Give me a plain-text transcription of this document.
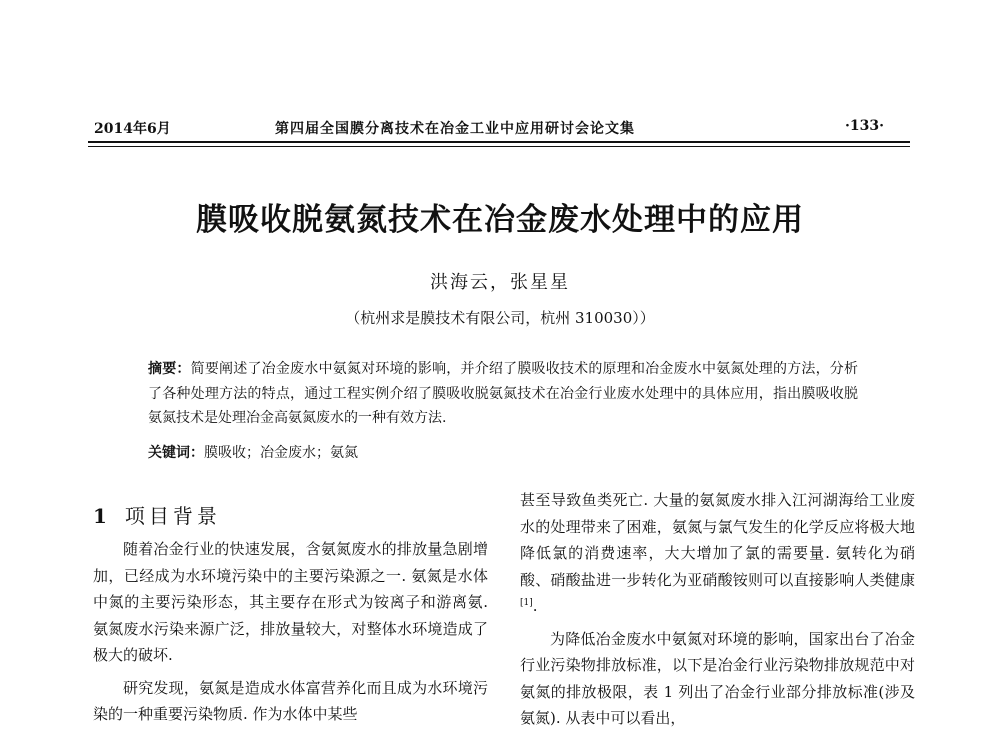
2014年6月	第四届全国膜分离技术在冶金工业中应用研讨会论文集	·133·
膜吸收脱氨氮技术在冶金废水处理中的应用
洪海云，张星星
（杭州求是膜技术有限公司，杭州 310030））
摘要：简要阐述了冶金废水中氨氮对环境的影响，并介绍了膜吸收技术的原理和冶金废水中氨氮处理的方法，分析了各种处理方法的特点，通过工程实例介绍了膜吸收脱氨氮技术在冶金行业废水处理中的具体应用，指出膜吸收脱氨氮技术是处理冶金高氨氮废水的一种有效方法.
关键词：膜吸收；冶金废水；氨氮
1 项目背景

随着冶金行业的快速发展，含氨氮废水的排放量急剧增加，已经成为水环境污染中的主要污染源之一. 氨氮是水体中氮的主要污染形态，其主要存在形式为铵离子和游离氨. 氨氮废水污染来源广泛，排放量较大，对整体水环境造成了极大的破坏.

研究发现，氨氮是造成水体富营养化而且成为水环境污染的一种重要污染物质. 作为水体中某些

甚至导致鱼类死亡. 大量的氨氮废水排入江河湖海给工业废水的处理带来了困难，氨氮与氯气发生的化学反应将极大地降低氯的消费速率，大大增加了氯的需要量. 氨转化为硝酸、硝酸盐进一步转化为亚硝酸铵则可以直接影响人类健康[1].

为降低冶金废水中氨氮对环境的影响，国家出台了冶金行业污染物排放标准，以下是冶金行业污染物排放规范中对氨氮的排放极限，表 1 列出了冶金行业部分排放标准(涉及氨氮). 从表中可以看出，
